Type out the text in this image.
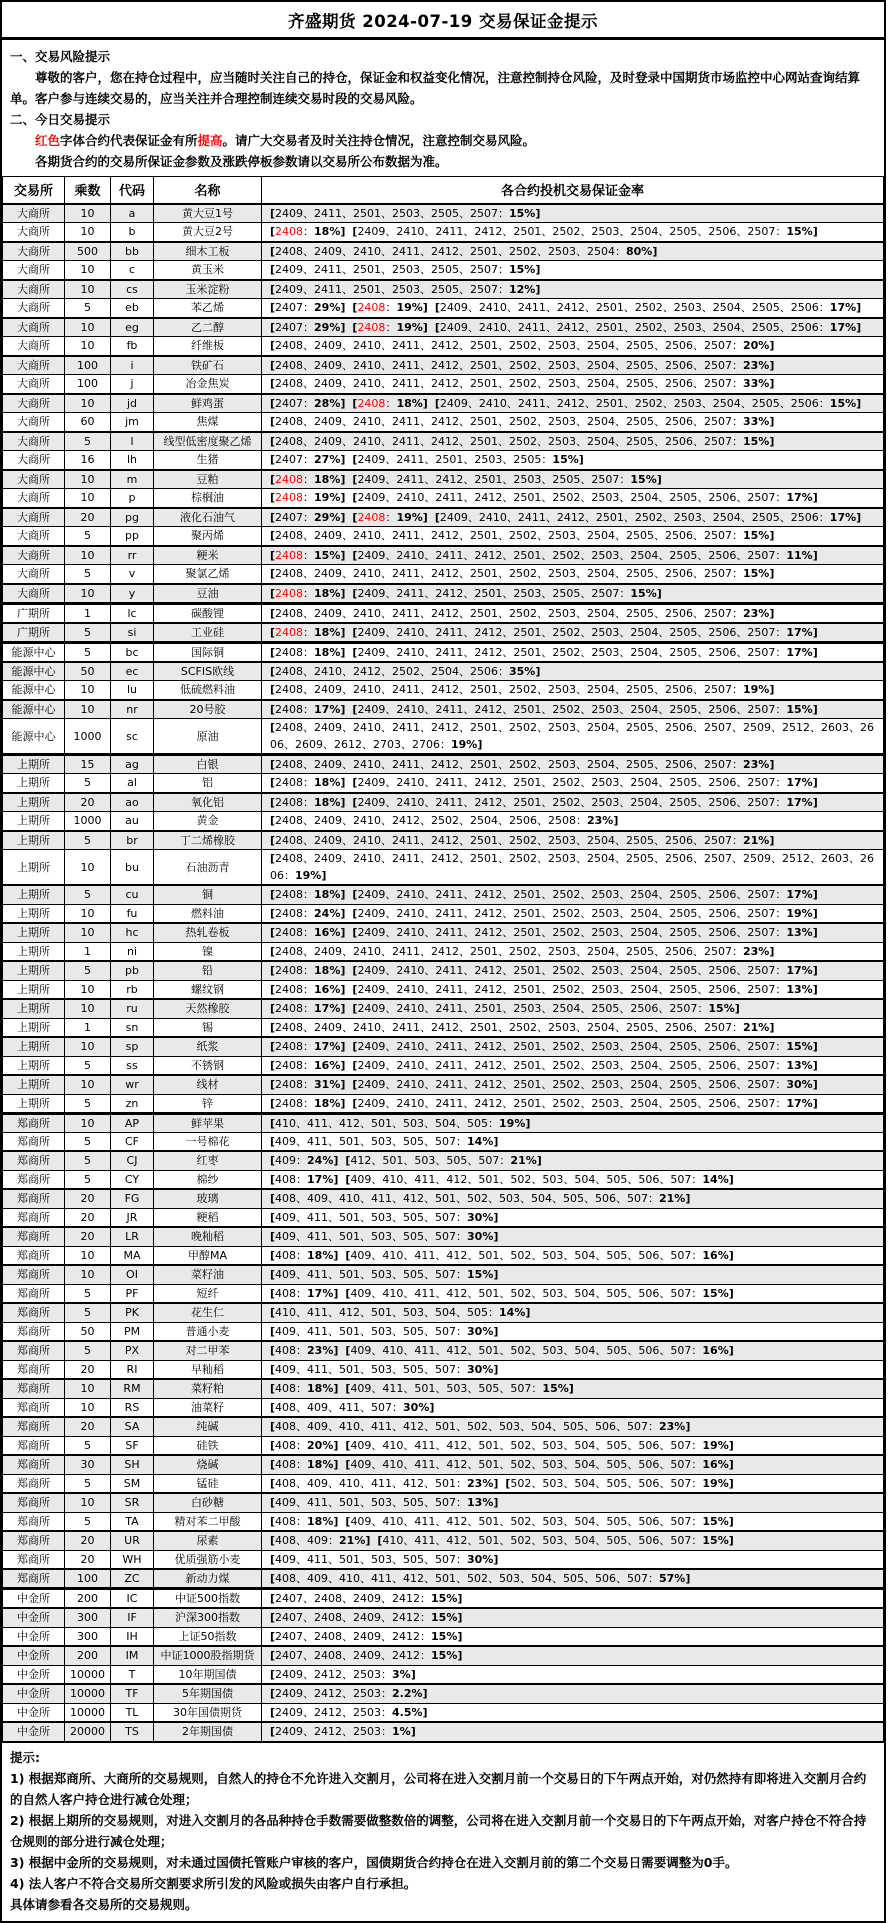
齐盛期货 2024-07-19 交易保证金提示
一、交易风险提示
尊敬的客户，您在持仓过程中，应当随时关注自己的持仓，保证金和权益变化情况，注意控制持仓风险，及时登录中国期货市场监控中心网站查询结算单。客户参与连续交易的，应当关注并合理控制连续交易时段的交易风险。
二、今日交易提示
红色字体合约代表保证金有所提高。请广大交易者及时关注持仓情况，注意控制交易风险。
各期货合约的交易所保证金参数及涨跌停板参数请以交易所公布数据为准。
交易所	乘数	代码	名称	各合约投机交易保证金率
大商所	10	a	黄大豆1号	[2409、2411、2501、2503、2505、2507：15%]
大商所	10	b	黄大豆2号	[2408：18%] [2409、2410、2411、2412、2501、2502、2503、2504、2505、2506、2507：15%]
大商所	500	bb	细木工板	[2408、2409、2410、2411、2412、2501、2502、2503、2504：80%]
大商所	10	c	黄玉米	[2409、2411、2501、2503、2505、2507：15%]
大商所	10	cs	玉米淀粉	[2409、2411、2501、2503、2505、2507：12%]
大商所	5	eb	苯乙烯	[2407：29%] [2408：19%] [2409、2410、2411、2412、2501、2502、2503、2504、2505、2506：17%]
大商所	10	eg	乙二醇	[2407：29%] [2408：19%] [2409、2410、2411、2412、2501、2502、2503、2504、2505、2506：17%]
大商所	10	fb	纤维板	[2408、2409、2410、2411、2412、2501、2502、2503、2504、2505、2506、2507：20%]
大商所	100	i	铁矿石	[2408、2409、2410、2411、2412、2501、2502、2503、2504、2505、2506、2507：23%]
大商所	100	j	冶金焦炭	[2408、2409、2410、2411、2412、2501、2502、2503、2504、2505、2506、2507：33%]
大商所	10	jd	鲜鸡蛋	[2407：28%] [2408：18%] [2409、2410、2411、2412、2501、2502、2503、2504、2505、2506：15%]
大商所	60	jm	焦煤	[2408、2409、2410、2411、2412、2501、2502、2503、2504、2505、2506、2507：33%]
大商所	5	l	线型低密度聚乙烯	[2408、2409、2410、2411、2412、2501、2502、2503、2504、2505、2506、2507：15%]
大商所	16	lh	生猪	[2407：27%] [2409、2411、2501、2503、2505：15%]
大商所	10	m	豆粕	[2408：18%] [2409、2411、2412、2501、2503、2505、2507：15%]
大商所	10	p	棕榈油	[2408：19%] [2409、2410、2411、2412、2501、2502、2503、2504、2505、2506、2507：17%]
大商所	20	pg	液化石油气	[2407：29%] [2408：19%] [2409、2410、2411、2412、2501、2502、2503、2504、2505、2506：17%]
大商所	5	pp	聚丙烯	[2408、2409、2410、2411、2412、2501、2502、2503、2504、2505、2506、2507：15%]
大商所	10	rr	粳米	[2408：15%] [2409、2410、2411、2412、2501、2502、2503、2504、2505、2506、2507：11%]
大商所	5	v	聚氯乙烯	[2408、2409、2410、2411、2412、2501、2502、2503、2504、2505、2506、2507：15%]
大商所	10	y	豆油	[2408：18%] [2409、2411、2412、2501、2503、2505、2507：15%]
广期所	1	lc	碳酸锂	[2408、2409、2410、2411、2412、2501、2502、2503、2504、2505、2506、2507：23%]
广期所	5	si	工业硅	[2408：18%] [2409、2410、2411、2412、2501、2502、2503、2504、2505、2506、2507：17%]
能源中心	5	bc	国际铜	[2408：18%] [2409、2410、2411、2412、2501、2502、2503、2504、2505、2506、2507：17%]
能源中心	50	ec	SCFIS欧线	[2408、2410、2412、2502、2504、2506：35%]
能源中心	10	lu	低硫燃料油	[2408、2409、2410、2411、2412、2501、2502、2503、2504、2505、2506、2507：19%]
能源中心	10	nr	20号胶	[2408：17%] [2409、2410、2411、2412、2501、2502、2503、2504、2505、2506、2507：15%]
能源中心	1000	sc	原油	[2408、2409、2410、2411、2412、2501、2502、2503、2504、2505、2506、2507、2509、2512、2603、2606、2609、2612、2703、2706：19%]
上期所	15	ag	白银	[2408、2409、2410、2411、2412、2501、2502、2503、2504、2505、2506、2507：23%]
上期所	5	al	铝	[2408：18%] [2409、2410、2411、2412、2501、2502、2503、2504、2505、2506、2507：17%]
上期所	20	ao	氧化铝	[2408：18%] [2409、2410、2411、2412、2501、2502、2503、2504、2505、2506、2507：17%]
上期所	1000	au	黄金	[2408、2409、2410、2412、2502、2504、2506、2508：23%]
上期所	5	br	丁二烯橡胶	[2408、2409、2410、2411、2412、2501、2502、2503、2504、2505、2506、2507：21%]
上期所	10	bu	石油沥青	[2408、2409、2410、2411、2412、2501、2502、2503、2504、2505、2506、2507、2509、2512、2603、2606：19%]
上期所	5	cu	铜	[2408：18%] [2409、2410、2411、2412、2501、2502、2503、2504、2505、2506、2507：17%]
上期所	10	fu	燃料油	[2408：24%] [2409、2410、2411、2412、2501、2502、2503、2504、2505、2506、2507：19%]
上期所	10	hc	热轧卷板	[2408：16%] [2409、2410、2411、2412、2501、2502、2503、2504、2505、2506、2507：13%]
上期所	1	ni	镍	[2408、2409、2410、2411、2412、2501、2502、2503、2504、2505、2506、2507：23%]
上期所	5	pb	铅	[2408：18%] [2409、2410、2411、2412、2501、2502、2503、2504、2505、2506、2507：17%]
上期所	10	rb	螺纹钢	[2408：16%] [2409、2410、2411、2412、2501、2502、2503、2504、2505、2506、2507：13%]
上期所	10	ru	天然橡胶	[2408：17%] [2409、2410、2411、2501、2503、2504、2505、2506、2507：15%]
上期所	1	sn	锡	[2408、2409、2410、2411、2412、2501、2502、2503、2504、2505、2506、2507：21%]
上期所	10	sp	纸浆	[2408：17%] [2409、2410、2411、2412、2501、2502、2503、2504、2505、2506、2507：15%]
上期所	5	ss	不锈钢	[2408：16%] [2409、2410、2411、2412、2501、2502、2503、2504、2505、2506、2507：13%]
上期所	10	wr	线材	[2408：31%] [2409、2410、2411、2412、2501、2502、2503、2504、2505、2506、2507：30%]
上期所	5	zn	锌	[2408：18%] [2409、2410、2411、2412、2501、2502、2503、2504、2505、2506、2507：17%]
郑商所	10	AP	鲜苹果	[410、411、412、501、503、504、505：19%]
郑商所	5	CF	一号棉花	[409、411、501、503、505、507：14%]
郑商所	5	CJ	红枣	[409：24%] [412、501、503、505、507：21%]
郑商所	5	CY	棉纱	[408：17%] [409、410、411、412、501、502、503、504、505、506、507：14%]
郑商所	20	FG	玻璃	[408、409、410、411、412、501、502、503、504、505、506、507：21%]
郑商所	20	JR	粳稻	[409、411、501、503、505、507：30%]
郑商所	20	LR	晚籼稻	[409、411、501、503、505、507：30%]
郑商所	10	MA	甲醇MA	[408：18%] [409、410、411、412、501、502、503、504、505、506、507：16%]
郑商所	10	OI	菜籽油	[409、411、501、503、505、507：15%]
郑商所	5	PF	短纤	[408：17%] [409、410、411、412、501、502、503、504、505、506、507：15%]
郑商所	5	PK	花生仁	[410、411、412、501、503、504、505：14%]
郑商所	50	PM	普通小麦	[409、411、501、503、505、507：30%]
郑商所	5	PX	对二甲苯	[408：23%] [409、410、411、412、501、502、503、504、505、506、507：16%]
郑商所	20	RI	早籼稻	[409、411、501、503、505、507：30%]
郑商所	10	RM	菜籽粕	[408：18%] [409、411、501、503、505、507：15%]
郑商所	10	RS	油菜籽	[408、409、411、507：30%]
郑商所	20	SA	纯碱	[408、409、410、411、412、501、502、503、504、505、506、507：23%]
郑商所	5	SF	硅铁	[408：20%] [409、410、411、412、501、502、503、504、505、506、507：19%]
郑商所	30	SH	烧碱	[408：18%] [409、410、411、412、501、502、503、504、505、506、507：16%]
郑商所	5	SM	锰硅	[408、409、410、411、412、501：23%] [502、503、504、505、506、507：19%]
郑商所	10	SR	白砂糖	[409、411、501、503、505、507：13%]
郑商所	5	TA	精对苯二甲酸	[408：18%] [409、410、411、412、501、502、503、504、505、506、507：15%]
郑商所	20	UR	尿素	[408、409：21%] [410、411、412、501、502、503、504、505、506、507：15%]
郑商所	20	WH	优质强筋小麦	[409、411、501、503、505、507：30%]
郑商所	100	ZC	新动力煤	[408、409、410、411、412、501、502、503、504、505、506、507：57%]
中金所	200	IC	中证500指数	[2407、2408、2409、2412：15%]
中金所	300	IF	沪深300指数	[2407、2408、2409、2412：15%]
中金所	300	IH	上证50指数	[2407、2408、2409、2412：15%]
中金所	200	IM	中证1000股指期货	[2407、2408、2409、2412：15%]
中金所	10000	T	10年期国债	[2409、2412、2503：3%]
中金所	10000	TF	5年期国债	[2409、2412、2503：2.2%]
中金所	10000	TL	30年国债期货	[2409、2412、2503：4.5%]
中金所	20000	TS	2年期国债	[2409、2412、2503：1%]
提示:
1) 根据郑商所、大商所的交易规则，自然人的持仓不允许进入交割月，公司将在进入交割月前一个交易日的下午两点开始，对仍然持有即将进入交割月合约的自然人客户持仓进行减仓处理；
2) 根据上期所的交易规则，对进入交割月的各品种持仓手数需要做整数倍的调整，公司将在进入交割月前一个交易日的下午两点开始，对客户持仓不符合持仓规则的部分进行减仓处理；
3) 根据中金所的交易规则，对未通过国债托管账户审核的客户，国债期货合约持仓在进入交割月前的第二个交易日需要调整为0手。
4) 法人客户不符合交易所交割要求所引发的风险或损失由客户自行承担。
具体请参看各交易所的交易规则。
